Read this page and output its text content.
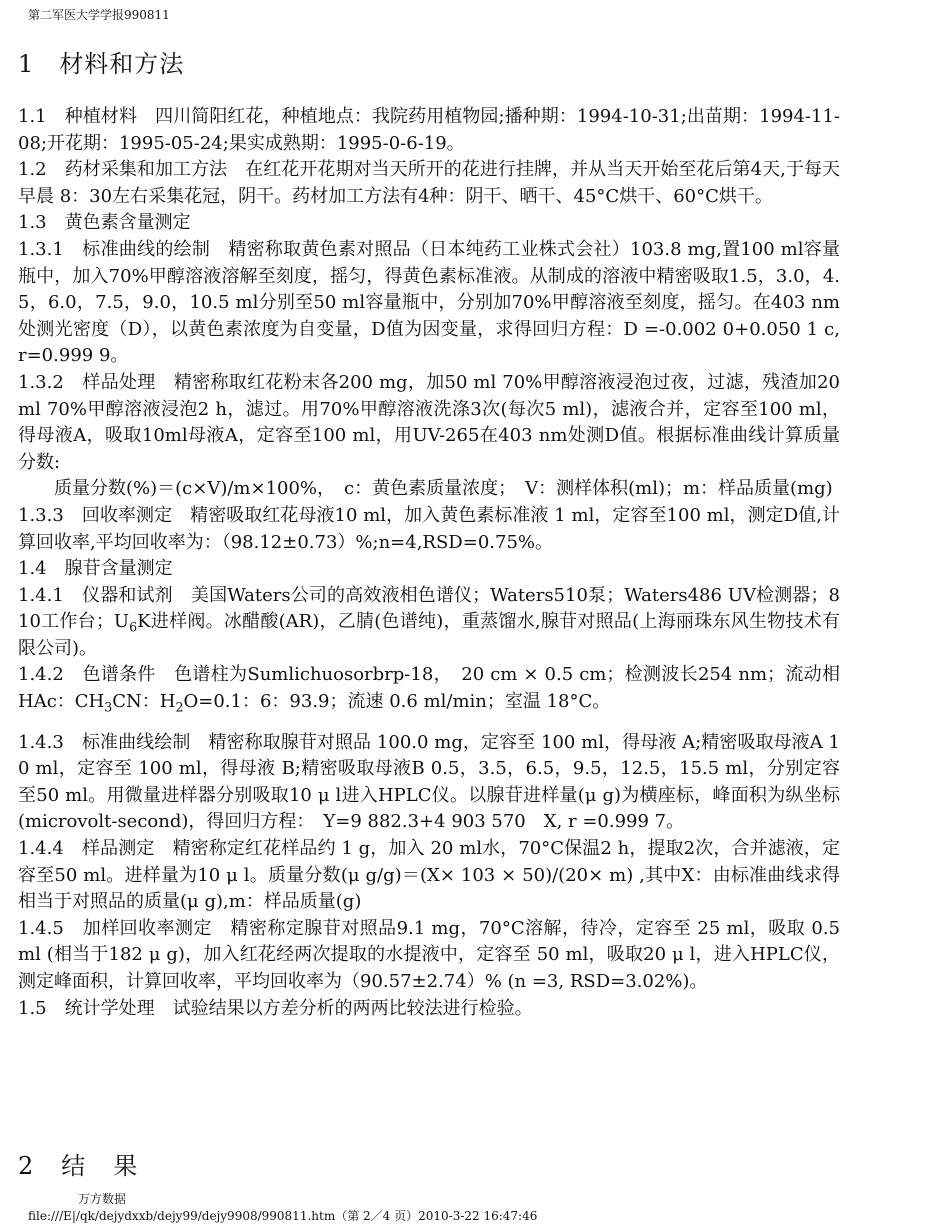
第二军医大学学报990811
1　材料和方法

1.1　种植材料　四川简阳红花，种植地点：我院药用植物园;播种期：1994-10-31;出苗期：1994-11-08;开花期：1995-05-24;果实成熟期：1995-0-6-19。

1.2　药材采集和加工方法　在红花开花期对当天所开的花进行挂牌，并从当天开始至花后第4天,于每天早晨 8：30左右采集花冠，阴干。药材加工方法有4种：阴干、晒干、45°C烘干、60°C烘干。

1.3　黄色素含量测定

1.3.1　标准曲线的绘制　精密称取黄色素对照品（日本纯药工业株式会社）103.8 mg,置100 ml容量瓶中，加入70%甲醇溶液溶解至刻度，摇匀，得黄色素标准液。从制成的溶液中精密吸取1.5，3.0，4.5，6.0，7.5，9.0，10.5 ml分别至50 ml容量瓶中，分别加70%甲醇溶液至刻度，摇匀。在403 nm处测光密度（D），以黄色素浓度为自变量，D值为因变量，求得回归方程：D =-0.002 0+0.050 1 c, r=0.999 9。

1.3.2　样品处理　精密称取红花粉末各200 mg，加50 ml 70%甲醇溶液浸泡过夜，过滤，残渣加20 ml 70%甲醇溶液浸泡2 h，滤过。用70%甲醇溶液洗涤3次(每次5 ml)，滤液合并，定容至100 ml，得母液A，吸取10ml母液A，定容至100 ml，用UV-265在403 nm处测D值。根据标准曲线计算质量分数:

质量分数(%)＝(c×V)/m×100%，　c：黄色素质量浓度；　V：测样体积(ml)；m：样品质量(mg)

1.3.3　回收率测定　精密吸取红花母液10 ml，加入黄色素标准液 1 ml，定容至100 ml，测定D值,计算回收率,平均回收率为：（98.12±0.73）%;n=4,RSD=0.75%。

1.4　腺苷含量测定

1.4.1　仪器和试剂　美国Waters公司的高效液相色谱仪；Waters510泵；Waters486 UV检测器；810工作台；$U_6K$进样阀。冰醋酸(AR)，乙腈(色谱纯)，重蒸馏水,腺苷对照品(上海丽珠东风生物技术有限公司)。

1.4.2　色谱条件　色谱柱为Sumlichuosorbrp-18，　20 cm × 0.5 cm；检测波长254 nm；流动相 HAc：$CH_3CN$：$H_2O=0.1$：6：93.9；流速 0.6 ml/min；室温 18°C。

1.4.3　标准曲线绘制　精密称取腺苷对照品 100.0 mg，定容至 100 ml，得母液 A;精密吸取母液A 10 ml，定容至 100 ml，得母液 B;精密吸取母液B 0.5，3.5，6.5，9.5，12.5，15.5 ml，分别定容至50 ml。用微量进样器分别吸取10 μ l进入HPLC仪。以腺苷进样量(μ g)为横座标，峰面积为纵坐标(microvolt-second)，得回归方程：　Y=9 882.3+4 903 570　X, r =0.999 7。

1.4.4　样品测定　精密称定红花样品约 1 g，加入 20 ml水，70°C保温2 h，提取2次，合并滤液，定容至50 ml。进样量为10 μ l。质量分数(μ g/g)＝(X× 103 × 50)/(20× m) ,其中X：由标准曲线求得相当于对照品的质量(μ g),m：样品质量(g)

1.4.5　加样回收率测定　精密称定腺苷对照品9.1 mg，70°C溶解，待冷，定容至 25 ml，吸取 0.5 ml (相当于182 μ g)，加入红花经两次提取的水提液中，定容至 50 ml，吸取20 μ l，进入HPLC仪，测定峰面积，计算回收率，平均回收率为（90.57±2.74）% (n =3, RSD=3.02%)。

1.5　统计学处理　试验结果以方差分析的两两比较法进行检验。

2　结　果
万方数据
file:///E|/qk/dejydxxb/dejy99/dejy9908/990811.htm（第 2／4 页）2010-3-22 16:47:46
